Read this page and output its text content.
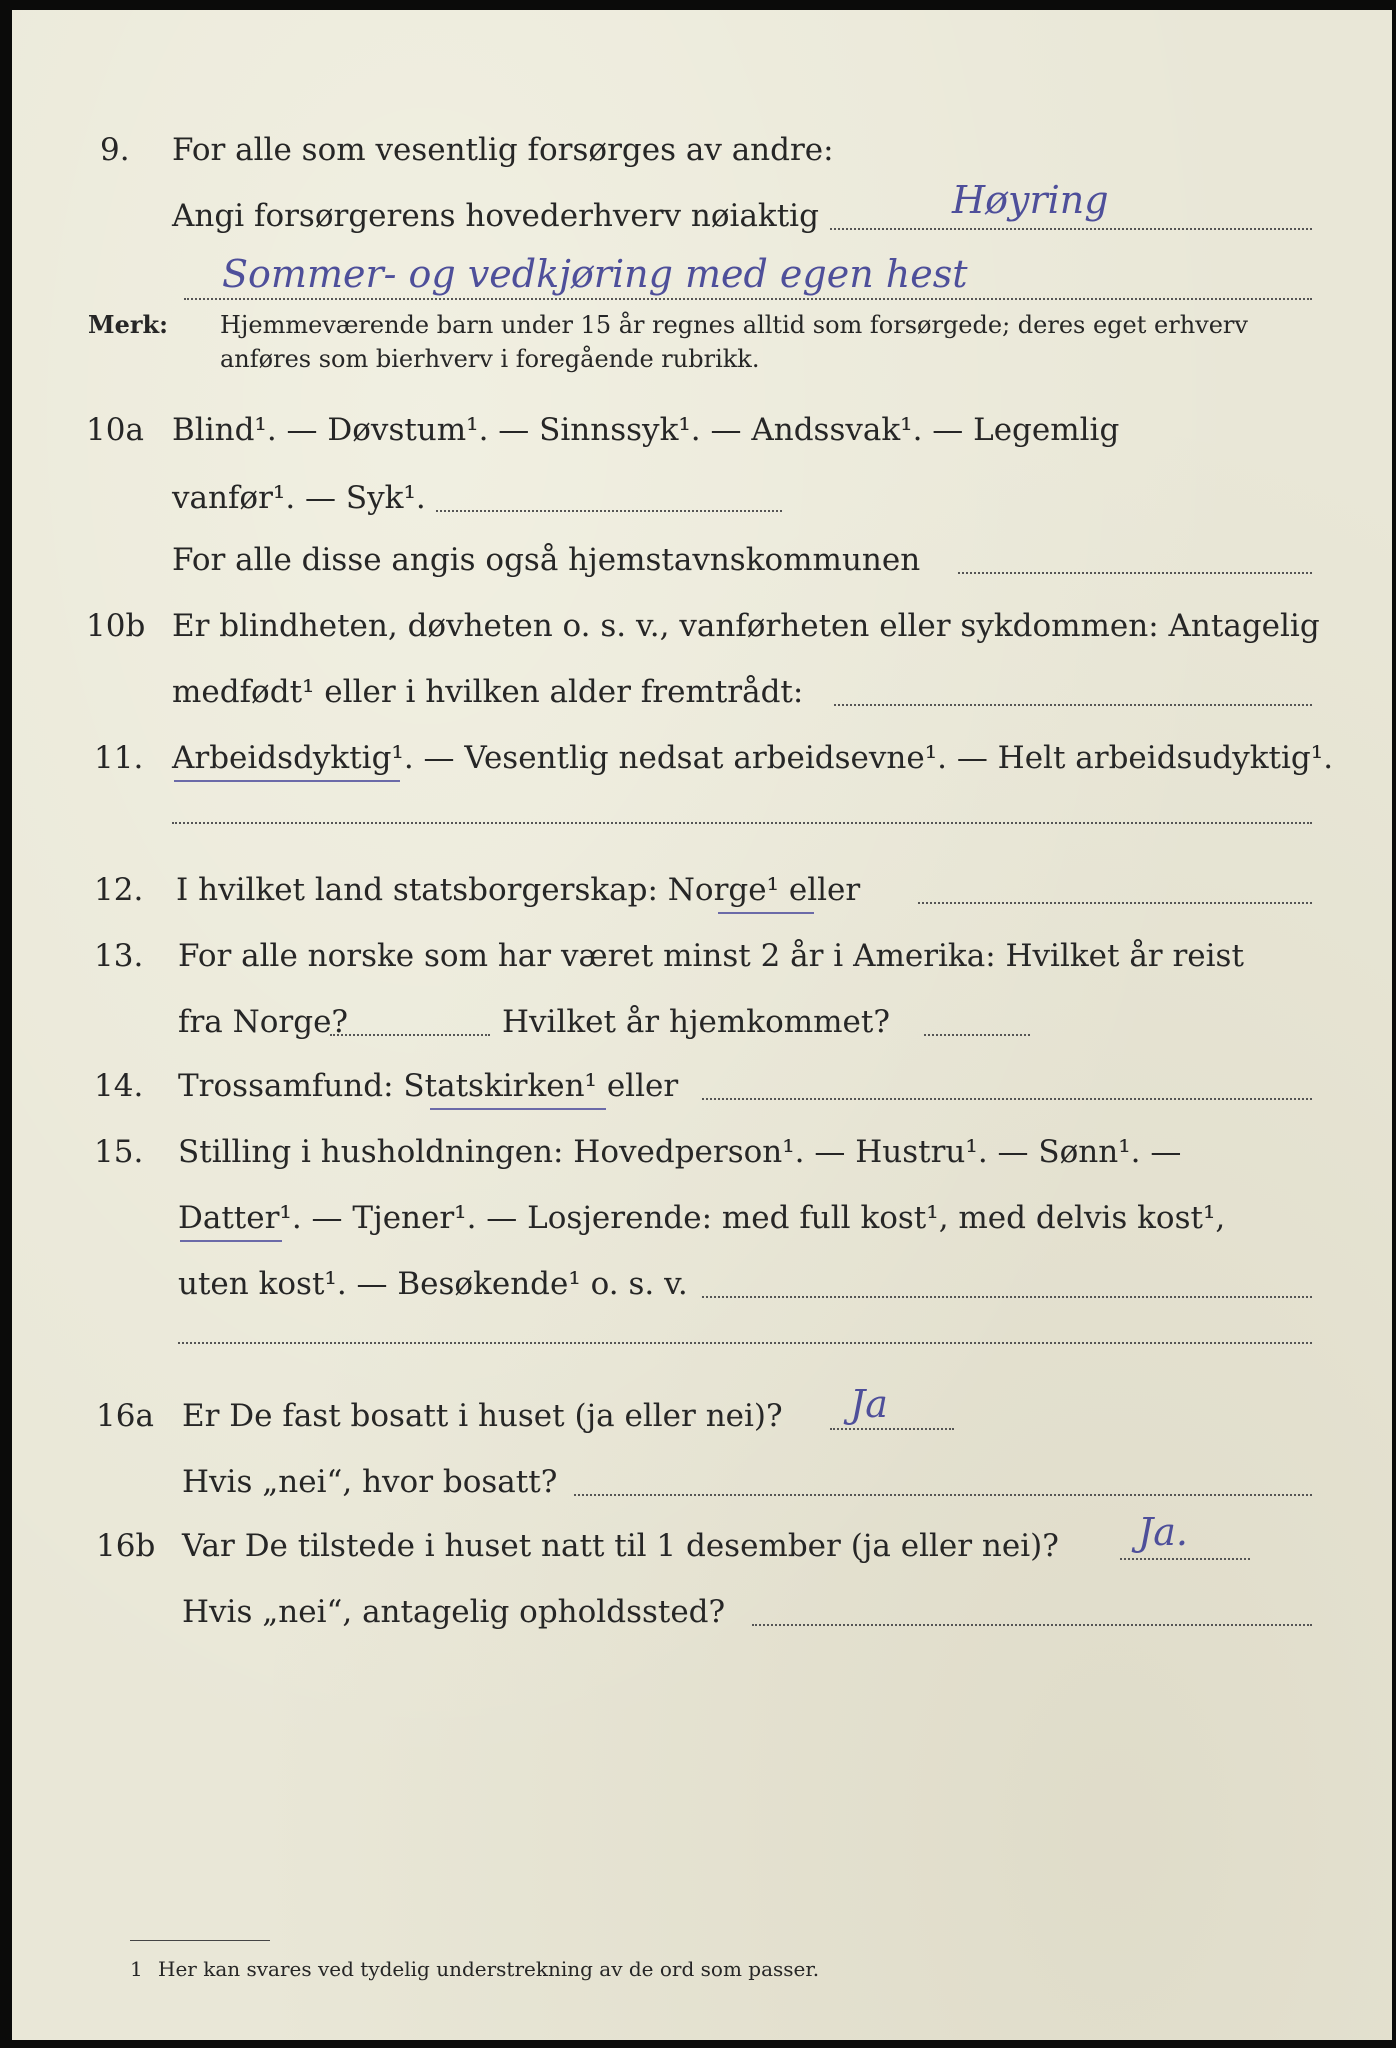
9. For alle som vesentlig forsørges av andre:
Angi forsørgerens hovederhverv nøiaktig	Høyring
Sommer- og vedkjøring med egen hest
Merk: Hjemmeværende barn under 15 år regnes alltid som forsørgede; deres eget erhverv
anføres som bierhverv i foregående rubrikk.
10a Blind¹. — Døvstum¹. — Sinnssyk¹. — Andssvak¹. — Legemlig
vanfør¹. — Syk¹.
For alle disse angis også hjemstavnskommunen
10b Er blindheten, døvheten o. s. v., vanførheten eller sykdommen: Antagelig
medfødt¹ eller i hvilken alder fremtrådt:
11. Arbeidsdyktig¹. — Vesentlig nedsat arbeidsevne¹. — Helt arbeidsudyktig¹.
12. I hvilket land statsborgerskap: Norge¹ eller
13. For alle norske som har været minst 2 år i Amerika: Hvilket år reist
fra Norge?	Hvilket år hjemkommet?
14. Trossamfund: Statskirken¹ eller
15. Stilling i husholdningen: Hovedperson¹. — Hustru¹. — Sønn¹. —
Datter¹. — Tjener¹. — Losjerende: med full kost¹, med delvis kost¹,
uten kost¹. — Besøkende¹ o. s. v.
16a Er De fast bosatt i huset (ja eller nei)? Ja
Hvis „nei“, hvor bosatt?
16b Var De tilstede i huset natt til 1 desember (ja eller nei)? Ja.
Hvis „nei“, antagelig opholdssted?
1 Her kan svares ved tydelig understrekning av de ord som passer.
